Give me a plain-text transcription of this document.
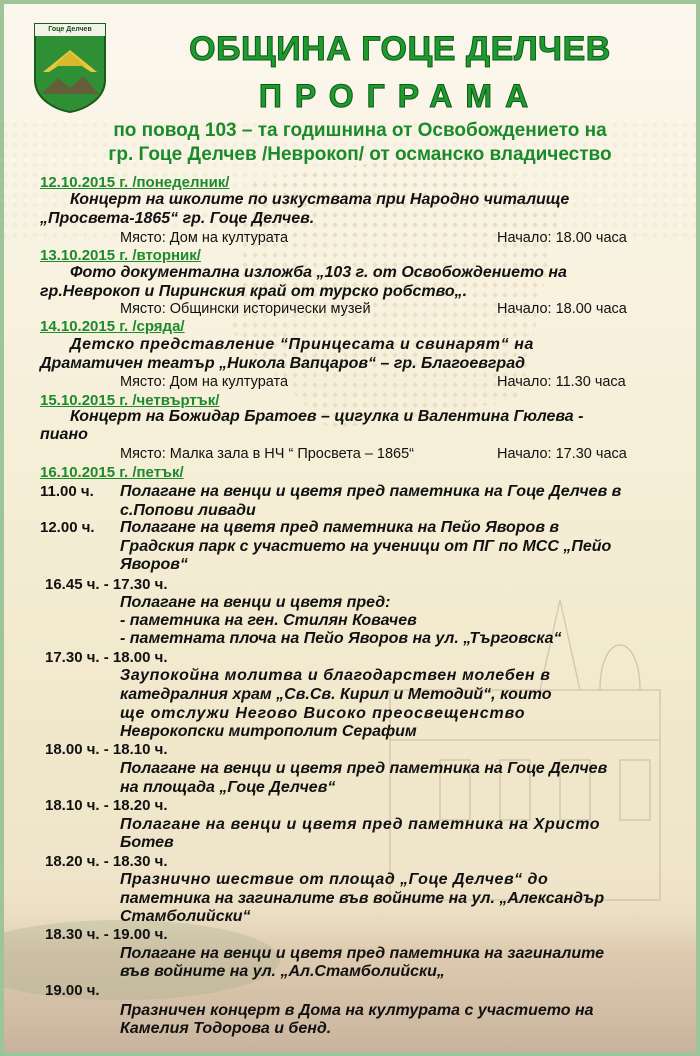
Гоце Делчев
ОБЩИНА ГОЦЕ ДЕЛЧЕВ
ПРОГРАМА
по повод 103 – та годишнина от Освобождението на
гр. Гоце Делчев /Неврокоп/ от османско владичество
12.10.2015 г. /понеделник/
Концерт на школите по изкуствата при Народно читалище
„Просвета-1865“ гр. Гоце Делчев.
Място: Дом на културата	Начало: 18.00 часа
13.10.2015 г. /вторник/
Фото документална изложба „103 г. от Освобождението на
гр.Неврокоп и Пиринския край от турско робство„.
Място: Общински исторически музей	Начало: 18.00 часа
14.10.2015 г. /сряда/
Детско представление “Принцесата и свинарят“ на
Драматичен театър „Никола Вапцаров“ – гр. Благоевград
Място: Дом на културата	Начало: 11.30 часа
15.10.2015 г. /четвъртък/
Концерт на Божидар Братоев – цигулка и Валентина Гюлева -
пиано
Място: Малка зала в НЧ “ Просвета – 1865“	Начало: 17.30 часа
16.10.2015 г. /петък/
11.00 ч. Полагане на венци и цветя пред паметника на Гоце Делчев в
с.Попови ливади
12.00 ч. Полагане на цветя пред паметника на Пейо Яворов в
Градския парк с участието на ученици от ПГ по МСС „Пейо
Яворов“
16.45 ч. - 17.30 ч.
Полагане на венци и цветя пред:
- паметника на ген. Стилян Ковачев
- паметната плоча на Пейо Яворов на ул. „Търговска“
17.30 ч. - 18.00 ч.
Заупокойна молитва и благодарствен молебен в
катедралния храм „Св.Св. Кирил и Методий“, които
ще отслужи Негово Високо преосвещенство
Неврокопски митрополит Серафим
18.00 ч. - 18.10 ч.
Полагане на венци и цветя пред паметника на Гоце Делчев
на площада „Гоце Делчев“
18.10 ч. - 18.20 ч.
Полагане на венци и цветя пред паметника на Христо
Ботев
18.20 ч. - 18.30 ч.
Празнично шествие от площад „Гоце Делчев“ до
паметника на загиналите във войните на ул. „Александър
Стамболийски“
18.30 ч. - 19.00 ч.
Полагане на венци и цветя пред паметника на загиналите
във войните на ул. „Ал.Стамболийски„
19.00 ч.
Празничен концерт в Дома на културата с участието на
Камелия Тодорова и бенд.
